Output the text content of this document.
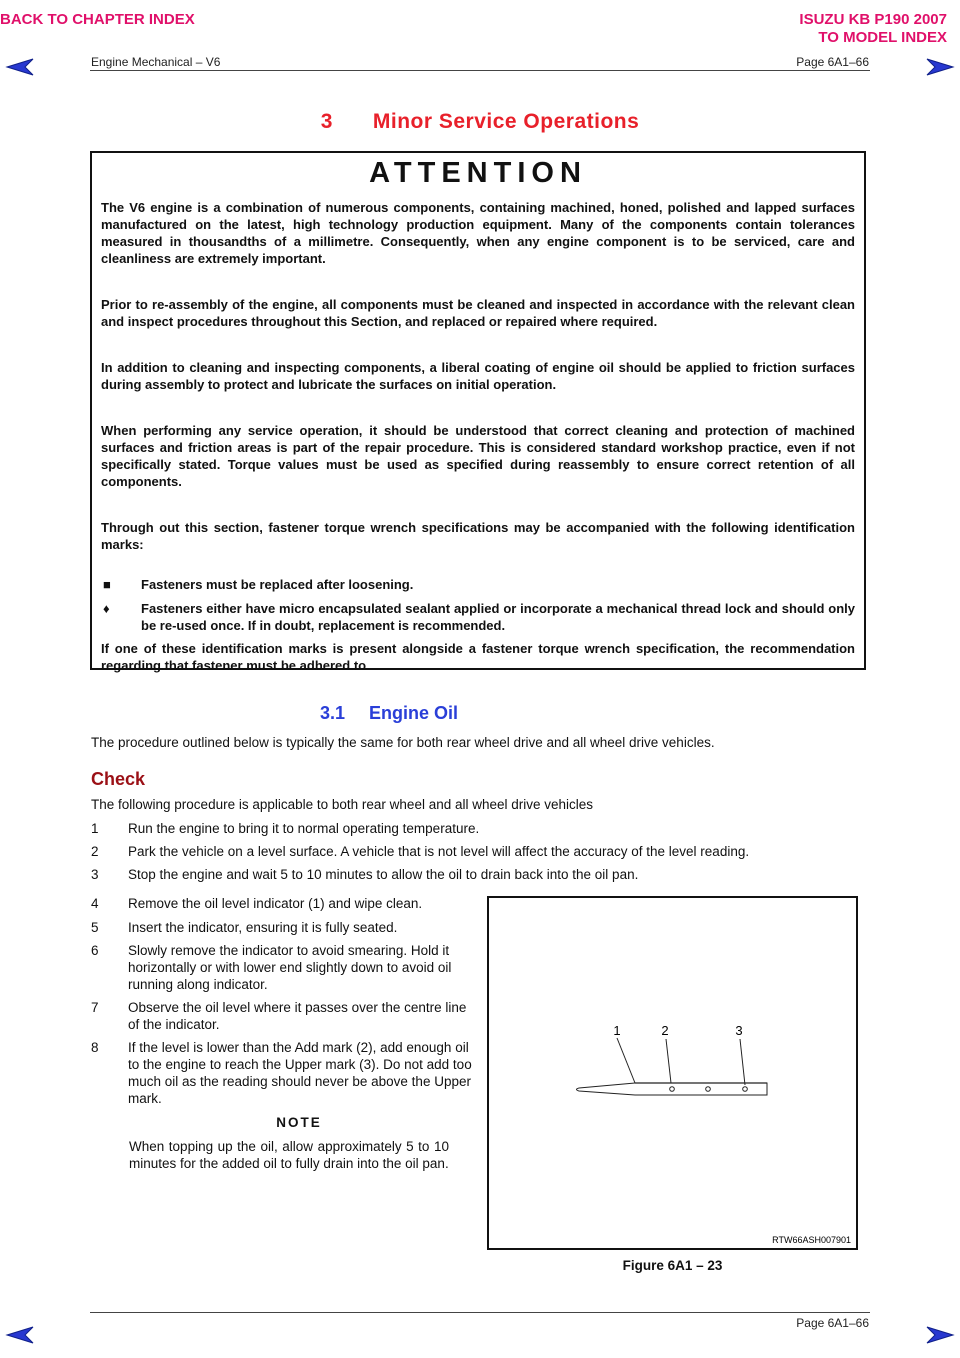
BACK TO CHAPTER INDEX	ISUZU KB P190 2007
TO MODEL INDEX
Engine Mechanical – V6	Page 6A1–66
3 Minor Service Operations
ATTENTION

The V6 engine is a combination of numerous components, containing machined, honed, polished and lapped surfaces manufactured on the latest, high technology production equipment. Many of the components contain tolerances measured in thousandths of a millimetre. Consequently, when any engine component is to be serviced, care and cleanliness are extremely important.

Prior to re-assembly of the engine, all components must be cleaned and inspected in accordance with the relevant clean and inspect procedures throughout this Section, and replaced or repaired where required.

In addition to cleaning and inspecting components, a liberal coating of engine oil should be applied to friction surfaces during assembly to protect and lubricate the surfaces on initial operation.

When performing any service operation, it should be understood that correct cleaning and protection of machined surfaces and friction areas is part of the repair procedure. This is considered standard workshop practice, even if not specifically stated. Torque values must be used as specified during reassembly to ensure correct retention of all components.

Through out this section, fastener torque wrench specifications may be accompanied with the following identification marks:

■	Fasteners must be replaced after loosening.
♦	Fasteners either have micro encapsulated sealant applied or incorporate a mechanical thread lock and should only be re-used once. If in doubt, replacement is recommended.

If one of these identification marks is present alongside a fastener torque wrench specification, the recommendation regarding that fastener must be adhered to.

3.1 Engine Oil
The procedure outlined below is typically the same for both rear wheel drive and all wheel drive vehicles.
Check
The following procedure is applicable to both rear wheel and all wheel drive vehicles
1	Run the engine to bring it to normal operating temperature.
2	Park the vehicle on a level surface. A vehicle that is not level will affect the accuracy of the level reading.
3	Stop the engine and wait 5 to 10 minutes to allow the oil to drain back into the oil pan.
4	Remove the oil level indicator (1) and wipe clean.
5	Insert the indicator, ensuring it is fully seated.
6	Slowly remove the indicator to avoid smearing. Hold it horizontally or with lower end slightly down to avoid oil running along indicator.
7	Observe the oil level where it passes over the centre line of the indicator.
8	If the level is lower than the Add mark (2), add enough oil to the engine to reach the Upper mark (3). Do not add too much oil as the reading should never be above the Upper mark.
NOTE
When topping up the oil, allow approximately 5 to 10 minutes for the added oil to fully drain into the oil pan.
1	2	3
RTW66ASH007901
Figure 6A1 – 23
Page 6A1–66
